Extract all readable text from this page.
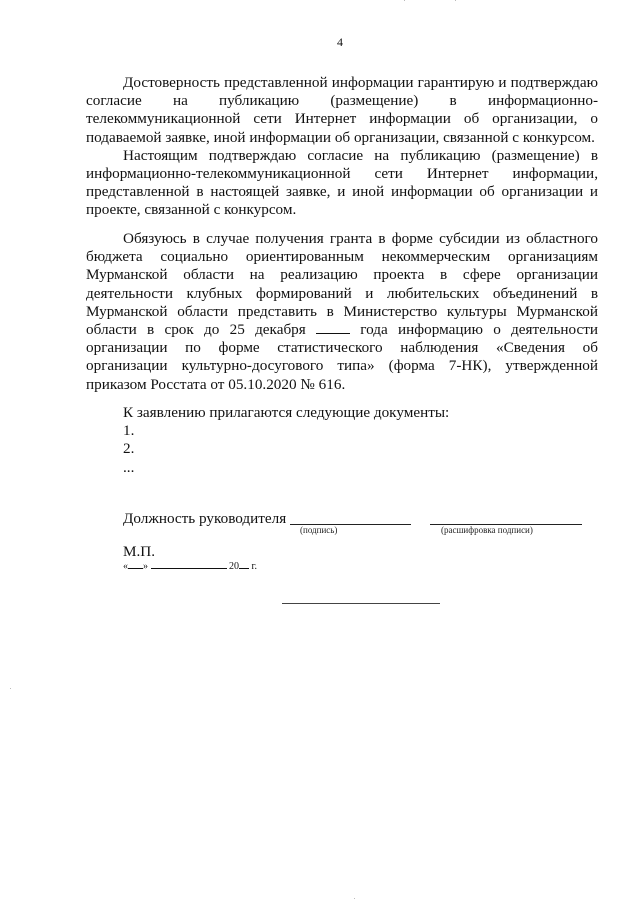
4

Достоверность представленной информации гарантирую и подтверждаю согласие на публикацию (размещение) в информационно-телекоммуникационной сети Интернет информации об организации, о подаваемой заявке, иной информации об организации, связанной с конкурсом.

Настоящим подтверждаю согласие на публикацию (размещение) в информационно-телекоммуникационной сети Интернет информации, представленной в настоящей заявке, и иной информации об организации и проекте, связанной с конкурсом.

Обязуюсь в случае получения гранта в форме субсидии из областного бюджета социально ориентированным некоммерческим организациям Мурманской области на реализацию проекта в сфере организации деятельности клубных формирований и любительских объединений в Мурманской области представить в Министерство культуры Мурманской области в срок до 25 декабря	года информацию о деятельности организации по форме статистического наблюдения «Сведения об организации культурно-досугового типа» (форма 7-НК), утвержденной приказом Росстата от 05.10.2020 № 616.

К заявлению прилагаются следующие документы:
1.
2.
...
Должность руководителя
(подпись)	(расшифровка подписи)
М.П.
« »	20 г.
